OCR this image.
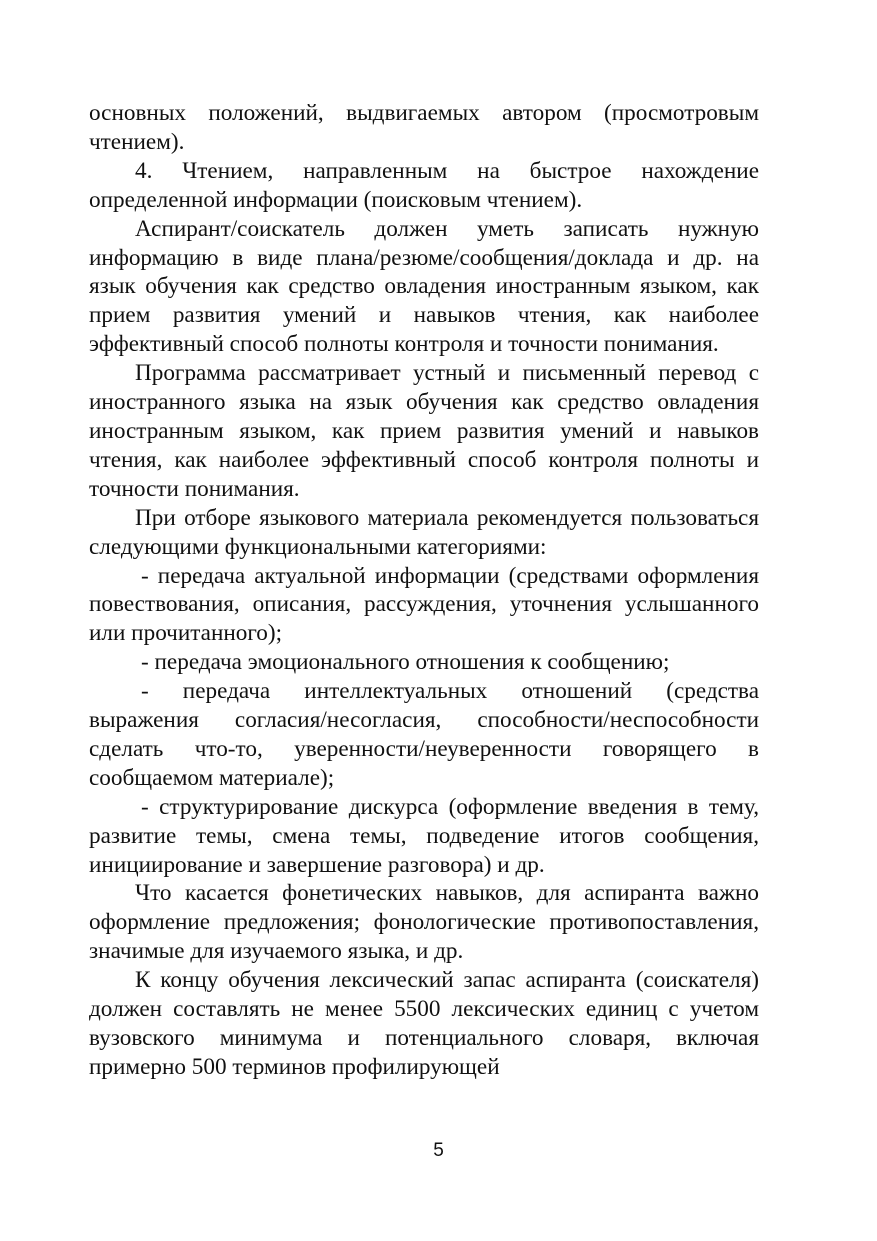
основных положений, выдвигаемых автором (просмотровым чтением).

4. Чтением, направленным на быстрое нахождение определенной информации (поисковым чтением).

Аспирант/соискатель должен уметь записать нужную информацию в виде плана/резюме/сообщения/доклада и др. на язык обучения как средство овладения иностранным языком, как прием развития умений и навыков чтения, как наиболее эффективный способ полноты контроля и точности понимания.

Программа рассматривает устный и письменный перевод с иностранного языка на язык обучения как средство овладения иностранным языком, как прием развития умений и навыков чтения, как наиболее эффективный способ контроля полноты и точности понимания.

При отборе языкового материала рекомендуется пользоваться следующими функциональными категориями:

- передача актуальной информации (средствами оформления повествования, описания, рассуждения, уточнения услышанного или прочитанного);

- передача эмоционального отношения к сообщению;

- передача интеллектуальных отношений (средства выражения согласия/несогласия, способности/неспособности сделать что-то, уверенности/неуверенности говорящего в сообщаемом материале);

- структурирование дискурса (оформление введения в тему, развитие темы, смена темы, подведение итогов сообщения, инициирование и завершение разговора) и др.

Что касается фонетических навыков, для аспиранта важно оформление предложения; фонологические противопоставления, значимые для изучаемого языка, и др.

К концу обучения лексический запас аспиранта (соискателя) должен составлять не менее 5500 лексических единиц с учетом вузовского минимума и потенциального словаря, включая примерно 500 терминов профилирующей

5
